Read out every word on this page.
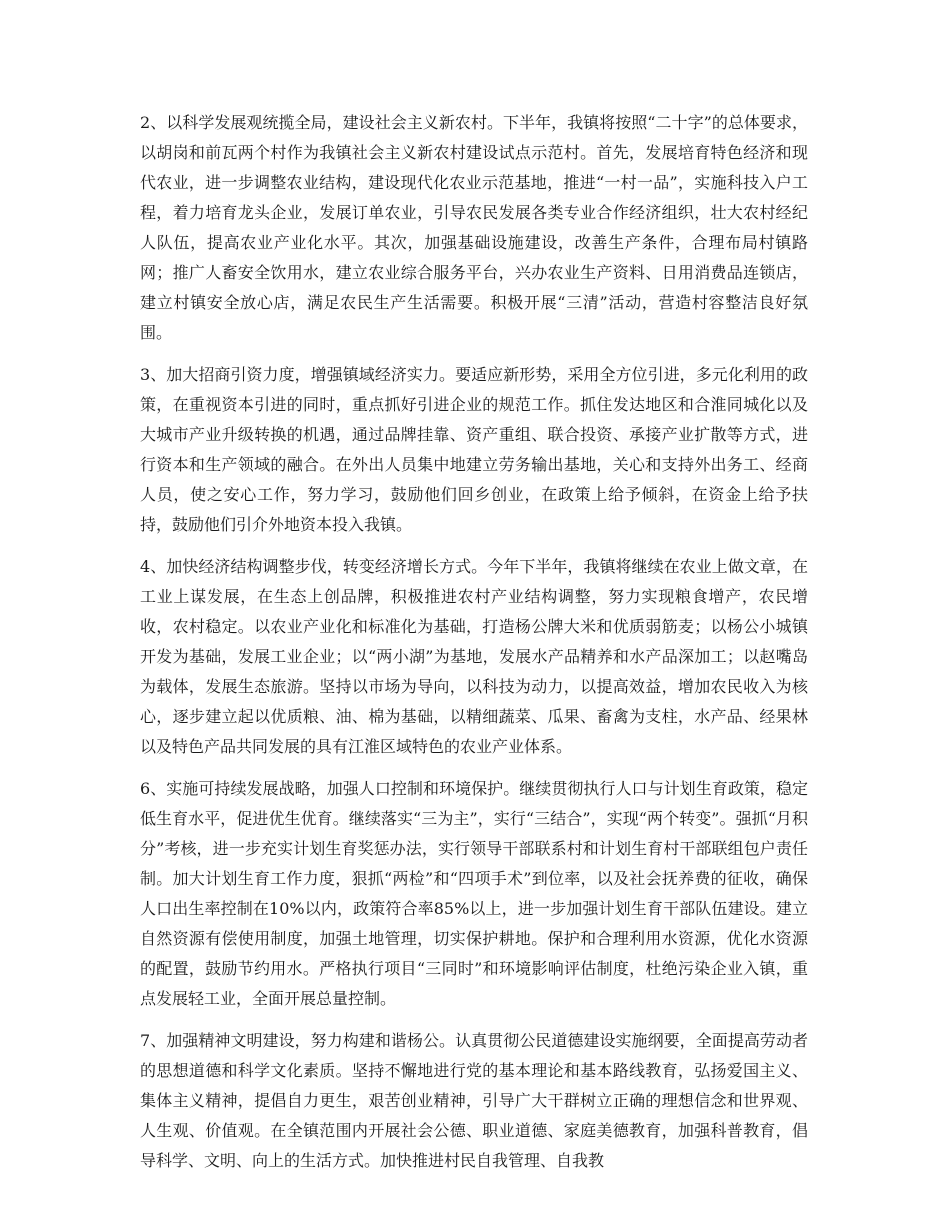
2、以科学发展观统揽全局，建设社会主义新农村。下半年，我镇将按照“二十字”的总体要求，以胡岗和前瓦两个村作为我镇社会主义新农村建设试点示范村。首先，发展培育特色经济和现代农业，进一步调整农业结构，建设现代化农业示范基地，推进“一村一品”，实施科技入户工程，着力培育龙头企业，发展订单农业，引导农民发展各类专业合作经济组织，壮大农村经纪人队伍，提高农业产业化水平。其次，加强基础设施建设，改善生产条件，合理布局村镇路网；推广人畜安全饮用水，建立农业综合服务平台，兴办农业生产资料、日用消费品连锁店，建立村镇安全放心店，满足农民生产生活需要。积极开展“三清”活动，营造村容整洁良好氛围。

3、加大招商引资力度，增强镇域经济实力。要适应新形势，采用全方位引进，多元化利用的政策，在重视资本引进的同时，重点抓好引进企业的规范工作。抓住发达地区和合淮同城化以及大城市产业升级转换的机遇，通过品牌挂靠、资产重组、联合投资、承接产业扩散等方式，进行资本和生产领域的融合。在外出人员集中地建立劳务输出基地，关心和支持外出务工、经商人员，使之安心工作，努力学习，鼓励他们回乡创业，在政策上给予倾斜，在资金上给予扶持，鼓励他们引介外地资本投入我镇。

4、加快经济结构调整步伐，转变经济增长方式。今年下半年，我镇将继续在农业上做文章，在工业上谋发展，在生态上创品牌，积极推进农村产业结构调整，努力实现粮食增产，农民增收，农村稳定。以农业产业化和标准化为基础，打造杨公牌大米和优质弱筋麦；以杨公小城镇开发为基础，发展工业企业；以“两小湖”为基地，发展水产品精养和水产品深加工；以赵嘴岛为载体，发展生态旅游。坚持以市场为导向，以科技为动力，以提高效益，增加农民收入为核心，逐步建立起以优质粮、油、棉为基础，以精细蔬菜、瓜果、畜禽为支柱，水产品、经果林以及特色产品共同发展的具有江淮区域特色的农业产业体系。

6、实施可持续发展战略，加强人口控制和环境保护。继续贯彻执行人口与计划生育政策，稳定低生育水平，促进优生优育。继续落实“三为主”，实行“三结合”，实现“两个转变”。强抓“月积分”考核，进一步充实计划生育奖惩办法，实行领导干部联系村和计划生育村干部联组包户责任制。加大计划生育工作力度，狠抓“两检”和“四项手术”到位率，以及社会抚养费的征收，确保人口出生率控制在10%以内，政策符合率85%以上，进一步加强计划生育干部队伍建设。建立自然资源有偿使用制度，加强土地管理，切实保护耕地。保护和合理利用水资源，优化水资源的配置，鼓励节约用水。严格执行项目“三同时”和环境影响评估制度，杜绝污染企业入镇，重点发展轻工业，全面开展总量控制。

7、加强精神文明建设，努力构建和谐杨公。认真贯彻公民道德建设实施纲要，全面提高劳动者的思想道德和科学文化素质。坚持不懈地进行党的基本理论和基本路线教育，弘扬爱国主义、集体主义精神，提倡自力更生，艰苦创业精神，引导广大干群树立正确的理想信念和世界观、人生观、价值观。在全镇范围内开展社会公德、职业道德、家庭美德教育，加强科普教育，倡导科学、文明、向上的生活方式。加快推进村民自我管理、自我教
